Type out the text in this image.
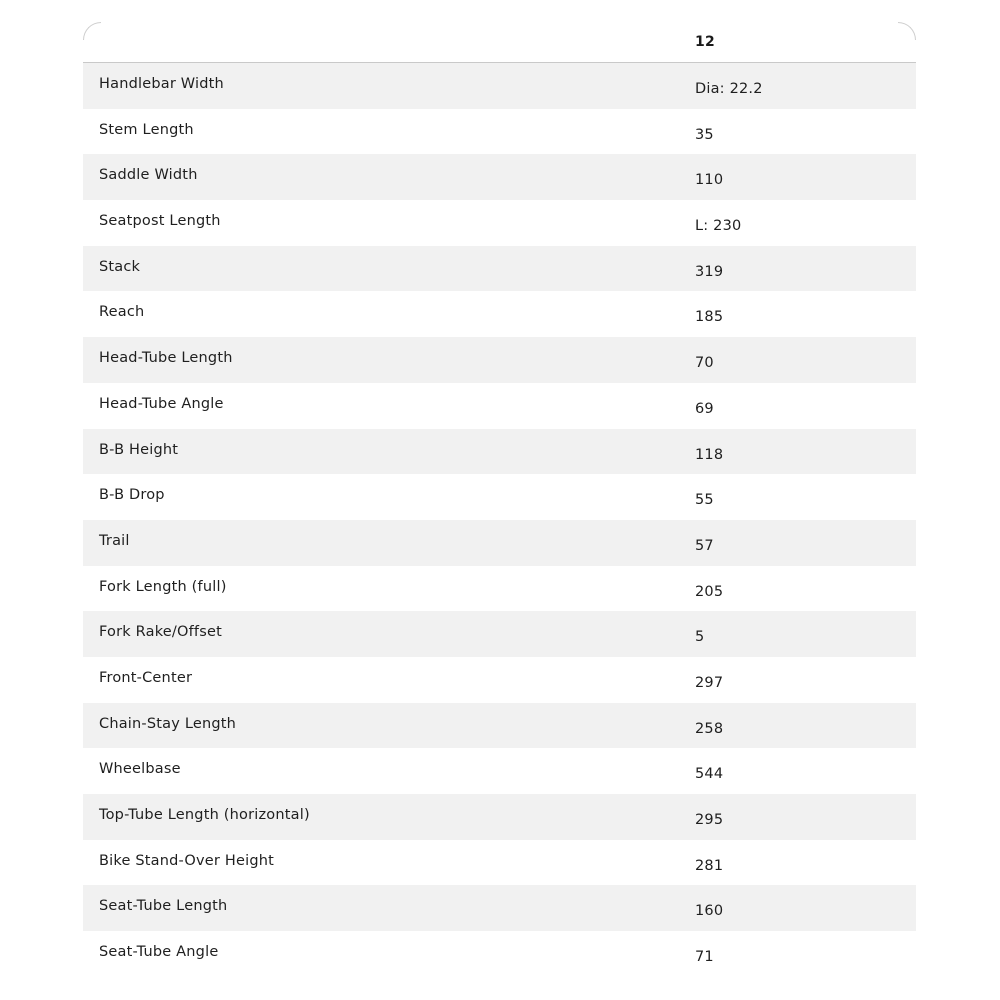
12
Handlebar Width	Dia: 22.2
Stem Length	35
Saddle Width	110
Seatpost Length	L: 230
Stack	319
Reach	185
Head-Tube Length	70
Head-Tube Angle	69
B-B Height	118
B-B Drop	55
Trail	57
Fork Length (full)	205
Fork Rake/Offset	5
Front-Center	297
Chain-Stay Length	258
Wheelbase	544
Top-Tube Length (horizontal)	295
Bike Stand-Over Height	281
Seat-Tube Length	160
Seat-Tube Angle	71
